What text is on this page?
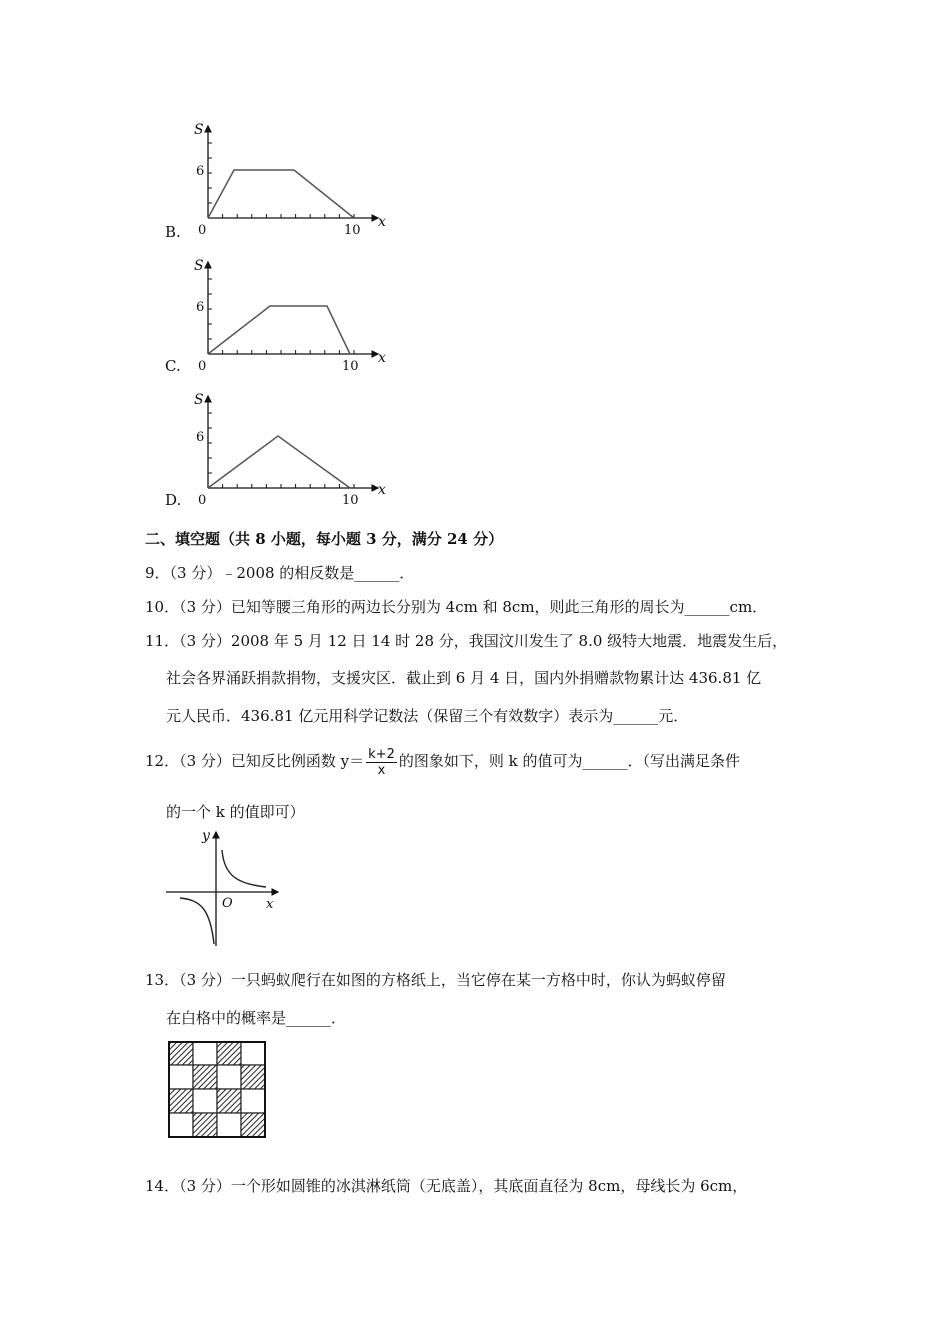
B.
S
6
0	10
x
C.
S
6
0	10
x
D.
S
6
0	10
x
二、填空题（共 8 小题，每小题 3 分，满分 24 分）
9．（3 分）﹣2008 的相反数是______．
10．（3 分）已知等腰三角形的两边长分别为 4cm 和 8cm，则此三角形的周长为______cm．
11．（3 分）2008 年 5 月 12 日 14 时 28 分，我国汶川发生了 8.0 级特大地震．地震发生后，
社会各界涌跃捐款捐物，支援灾区．截止到 6 月 4 日，国内外捐赠款物累计达 436.81 亿
元人民币．436.81 亿元用科学记数法（保留三个有效数字）表示为______元．
12．（3 分）已知反比例函数 $y= \frac{k+2}{x}$ 的图象如下，则 k 的值可为______．（写出满足条件
的一个 k 的值即可）
y
O	x
13．（3 分）一只蚂蚁爬行在如图的方格纸上，当它停在某一方格中时，你认为蚂蚁停留
在白格中的概率是______．
14．（3 分）一个形如圆锥的冰淇淋纸筒（无底盖），其底面直径为 8cm，母线长为 6cm，
